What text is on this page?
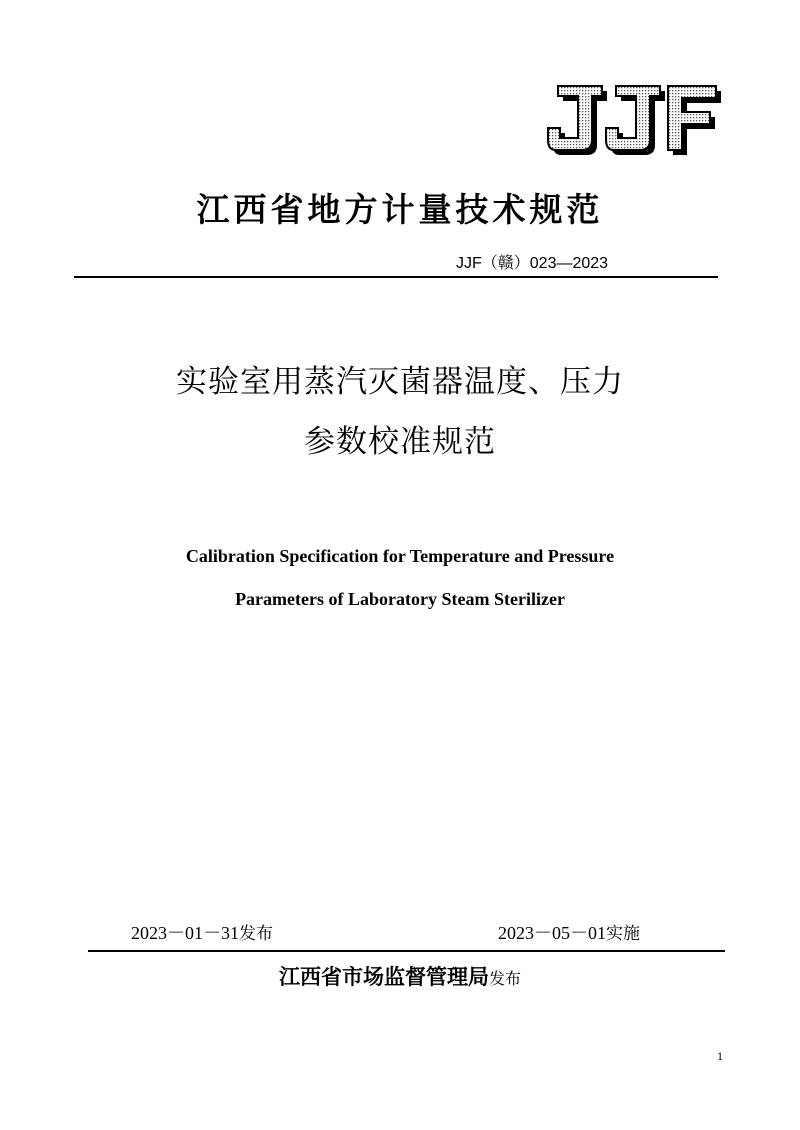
江西省地方计量技术规范
JJF（赣）023—2023
实验室用蒸汽灭菌器温度、压力
参数校准规范
Calibration Specification for Temperature and Pressure
Parameters of Laboratory Steam Sterilizer
2023－01－31发布	2023－05－01实施
江西省市场监督管理局发布
1
